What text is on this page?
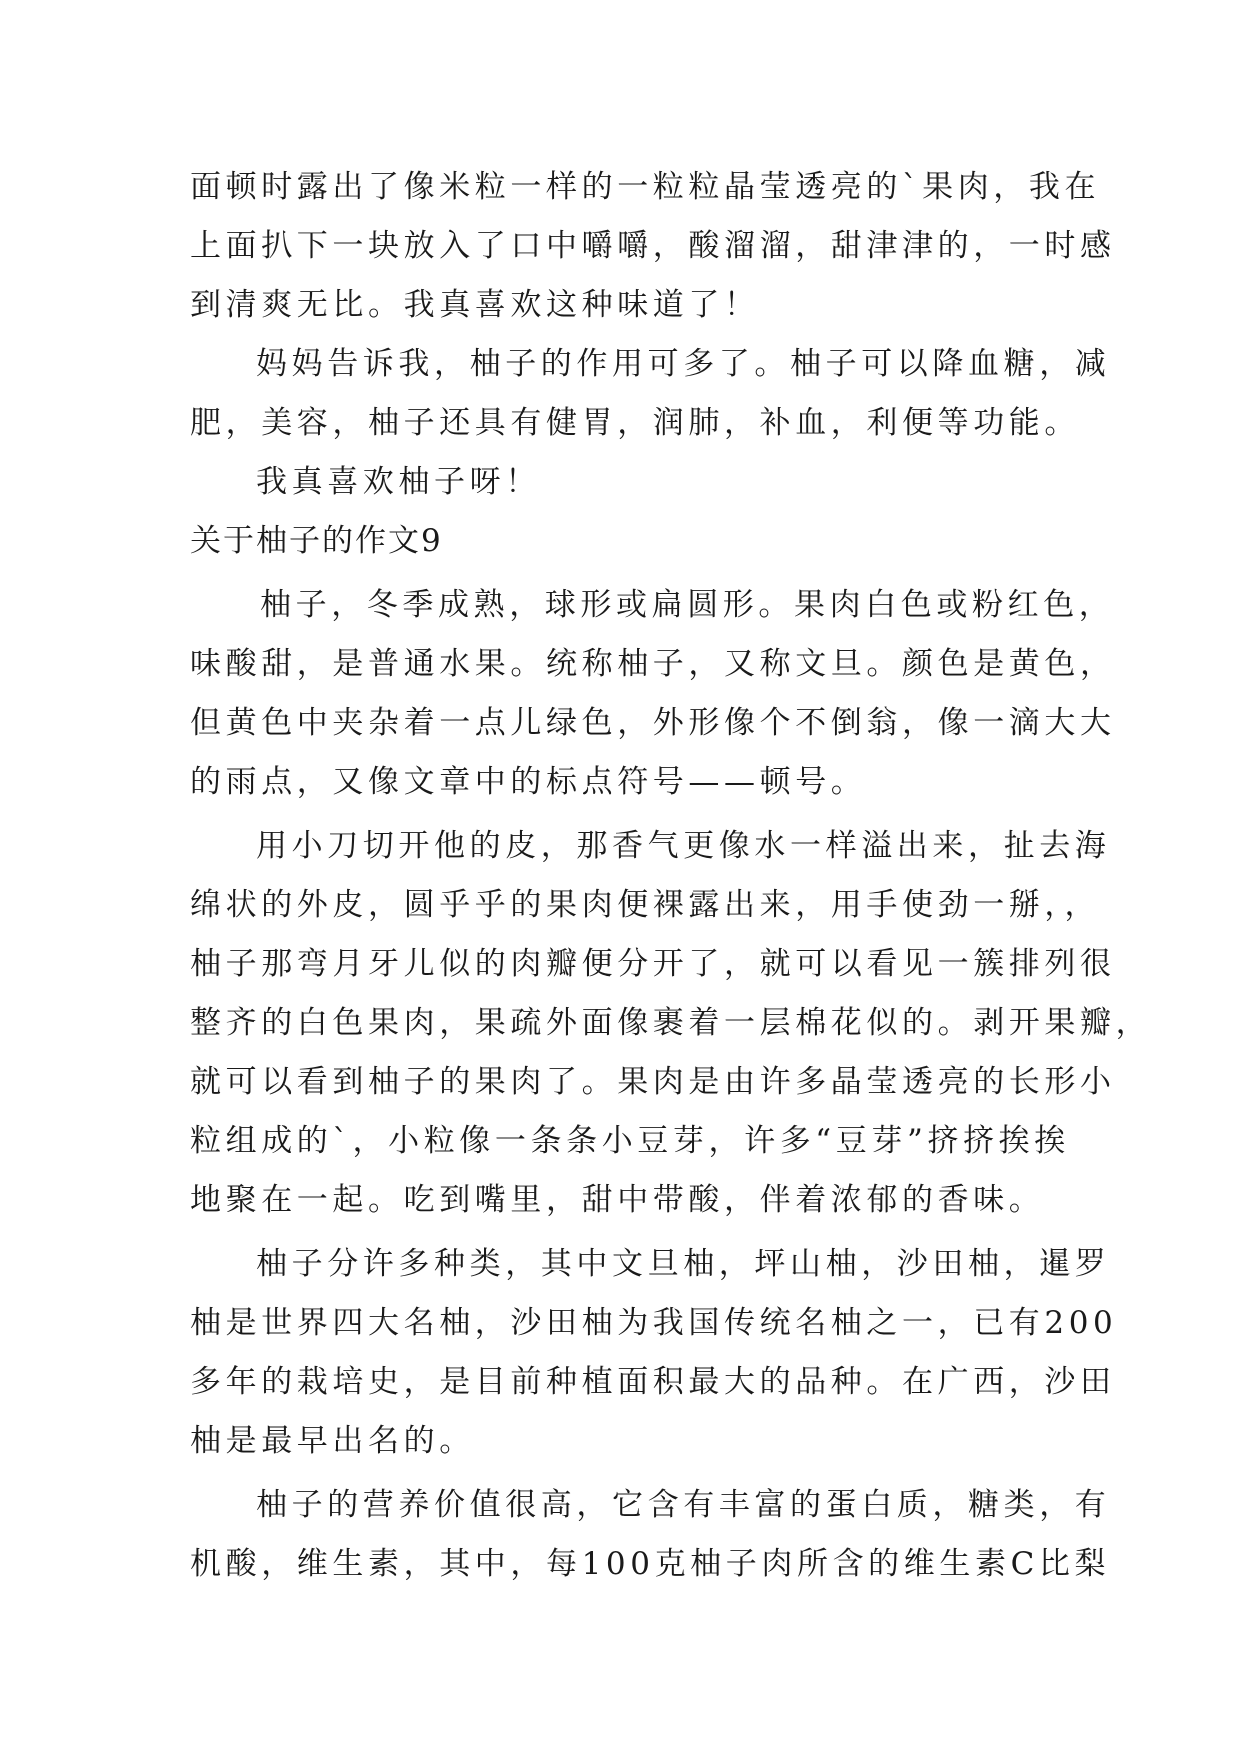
面顿时露出了像米粒一样的一粒粒晶莹透亮的`果肉，我在
上面扒下一块放入了口中嚼嚼，酸溜溜，甜津津的，一时感
到清爽无比。我真喜欢这种味道了！
妈妈告诉我，柚子的作用可多了。柚子可以降血糖，减
肥，美容，柚子还具有健胃，润肺，补血，利便等功能。
我真喜欢柚子呀！
关于柚子的作文9
柚子，冬季成熟，球形或扁圆形。果肉白色或粉红色，
味酸甜，是普通水果。统称柚子，又称文旦。颜色是黄色，
但黄色中夹杂着一点儿绿色，外形像个不倒翁，像一滴大大
的雨点，又像文章中的标点符号——顿号。
用小刀切开他的皮，那香气更像水一样溢出来，扯去海
绵状的外皮，圆乎乎的果肉便裸露出来，用手使劲一掰，，
柚子那弯月牙儿似的肉瓣便分开了，就可以看见一簇排列很
整齐的白色果肉，果疏外面像裹着一层棉花似的。剥开果瓣，
就可以看到柚子的果肉了。果肉是由许多晶莹透亮的长形小
粒组成的`，小粒像一条条小豆芽，许多“豆芽”挤挤挨挨
地聚在一起。吃到嘴里，甜中带酸，伴着浓郁的香味。
柚子分许多种类，其中文旦柚，坪山柚，沙田柚，暹罗
柚是世界四大名柚，沙田柚为我国传统名柚之一，已有200
多年的栽培史，是目前种植面积最大的品种。在广西，沙田
柚是最早出名的。
柚子的营养价值很高，它含有丰富的蛋白质，糖类，有
机酸，维生素，其中，每100克柚子肉所含的维生素C比梨
